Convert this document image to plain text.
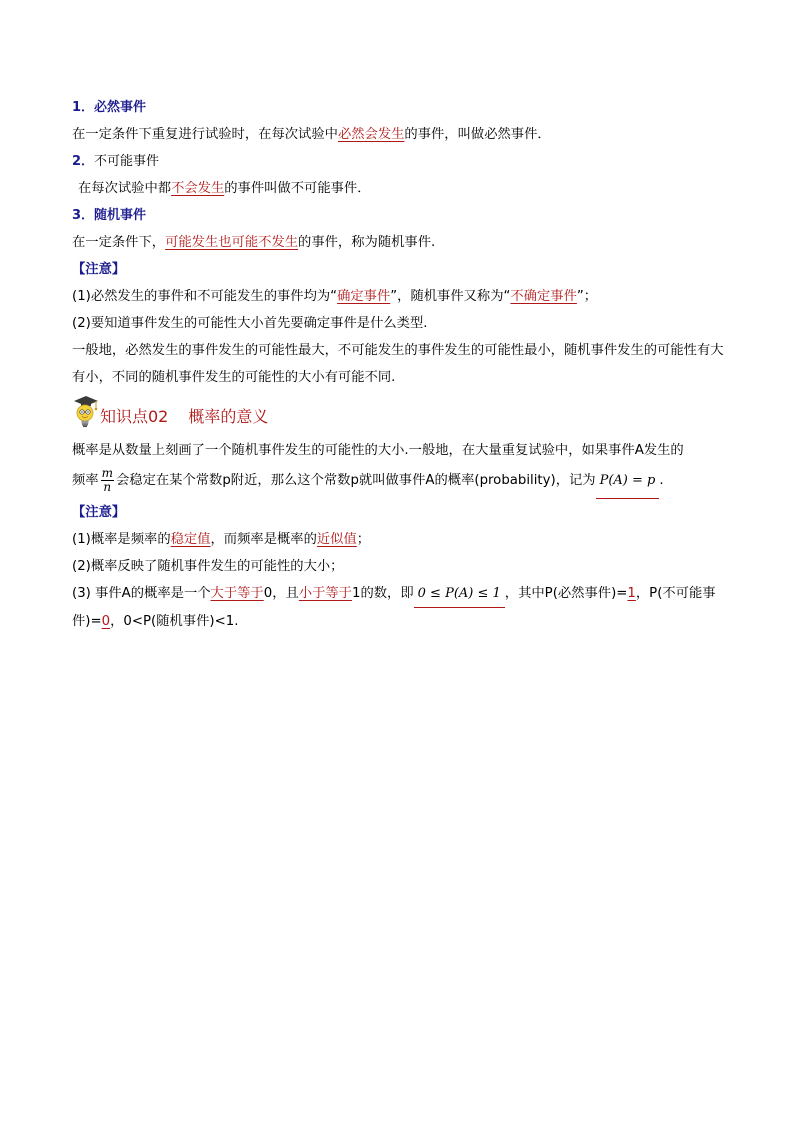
1．必然事件
在一定条件下重复进行试验时，在每次试验中必然会发生的事件，叫做必然事件．
2．不可能事件
在每次试验中都不会发生的事件叫做不可能事件．
3．随机事件
在一定条件下，可能发生也可能不发生的事件，称为随机事件.
【注意】
(1)必然发生的事件和不可能发生的事件均为“确定事件”，随机事件又称为“不确定事件”；
(2)要知道事件发生的可能性大小首先要确定事件是什么类型.
一般地，必然发生的事件发生的可能性最大，不可能发生的事件发生的可能性最小，随机事件发生的可能性有大有小，不同的随机事件发生的可能性的大小有可能不同.
知识点02 概率的意义
概率是从数量上刻画了一个随机事件发生的可能性的大小.一般地，在大量重复试验中，如果事件A发生的
频率 $\frac{m}{n}$ 会稳定在某个常数p附近，那么这个常数p就叫做事件A的概率(probability)，记为 P(A) = p .
【注意】
(1)概率是频率的稳定值，而频率是概率的近似值；
(2)概率反映了随机事件发生的可能性的大小；
(3) 事件A的概率是一个大于等于0，且小于等于1的数，即 0 ≤ P(A) ≤ 1 ，其中P(必然事件)=1，P(不可能事件)=0，0<P(随机事件)<1.
